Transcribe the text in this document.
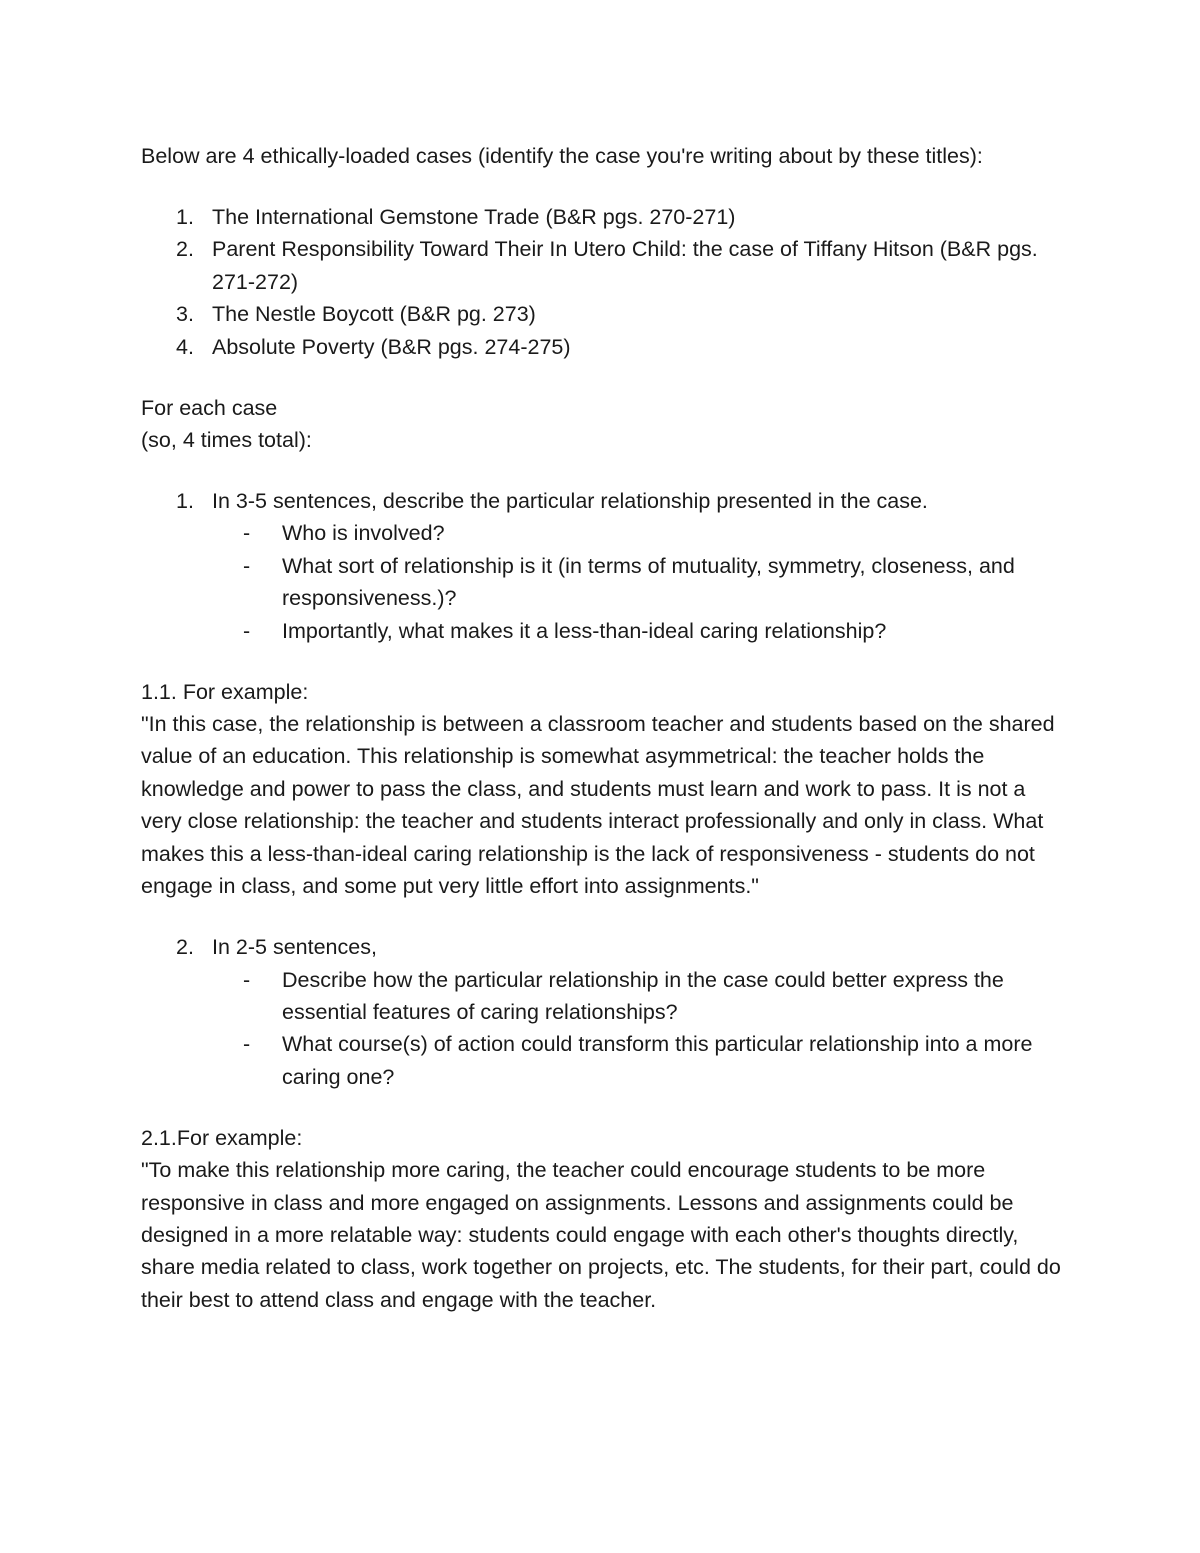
Below are 4 ethically-loaded cases (identify the case you're writing about by these titles):

1. The International Gemstone Trade (B&R pgs. 270-271)
2. Parent Responsibility Toward Their In Utero Child: the case of Tiffany Hitson (B&R pgs. 271-272)
3. The Nestle Boycott (B&R pg. 273)
4. Absolute Poverty (B&R pgs. 274-275)

For each case

(so, 4 times total):

1. In 3-5 sentences, describe the particular relationship presented in the case.
- Who is involved?
- What sort of relationship is it (in terms of mutuality, symmetry, closeness, and responsiveness.)?
- Importantly, what makes it a less-than-ideal caring relationship?

1.1. For example:

"In this case, the relationship is between a classroom teacher and students based on the shared value of an education. This relationship is somewhat asymmetrical: the teacher holds the knowledge and power to pass the class, and students must learn and work to pass. It is not a very close relationship: the teacher and students interact professionally and only in class. What makes this a less-than-ideal caring relationship is the lack of responsiveness - students do not engage in class, and some put very little effort into assignments."

2. In 2-5 sentences,
- Describe how the particular relationship in the case could better express the essential features of caring relationships?
- What course(s) of action could transform this particular relationship into a more caring one?

2.1.For example:

"To make this relationship more caring, the teacher could encourage students to be more responsive in class and more engaged on assignments. Lessons and assignments could be designed in a more relatable way: students could engage with each other's thoughts directly, share media related to class, work together on projects, etc. The students, for their part, could do their best to attend class and engage with the teacher.
